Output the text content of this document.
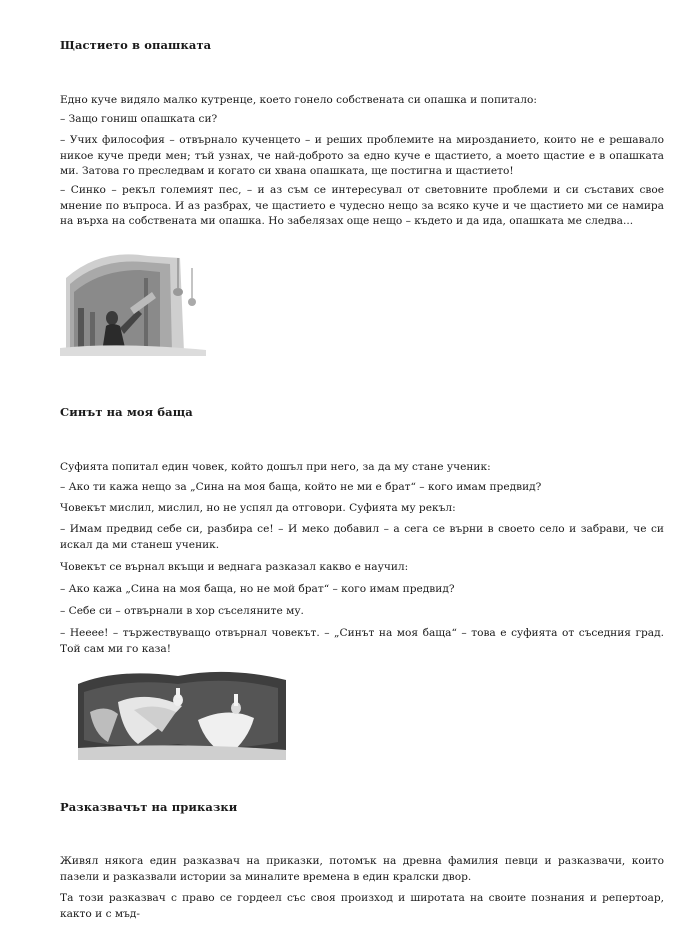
Щастието в опашката

Едно куче видяло малко кутренце, което гонело собствената си опашка и попитало:

– Защо гониш опашката си?

– Учих философия – отвърнало кученцето – и реших проблемите на мирозданието, които не е решавало никое куче преди мен; тъй узнах, че най-доброто за едно куче е щастието, а моето щастие е в опашката ми. Затова го преследвам и когато си хвана опашката, ще постигна и щастието!

– Синко – рекъл големият пес, – и аз съм се интересувал от световните проблеми и си съставих свое мнение по въпроса. И аз разбрах, че щастието е чудесно нещо за всяко куче и че щастието ми се намира на върха на собствената ми опашка. Но забелязах още нещо – където и да ида, опашката ме следва...

Синът на моя баща

Суфията попитал един човек, който дошъл при него, за да му стане ученик:

– Ако ти кажа нещо за „Сина на моя баща, който не ми е брат“ – кого имам предвид?

Човекът мислил, мислил, но не успял да отговори. Суфията му рекъл:

– Имам предвид себе си, разбира се! – И меко добавил – а сега се върни в своето село и забрави, че си искал да ми станеш ученик.

Човекът се върнал вкъщи и веднага разказал какво е научил:

– Ако кажа „Сина на моя баща, но не мой брат“ – кого имам предвид?

– Себе си – отвърнали в хор съселяните му.

– Нееее! – тържествуващо отвърнал човекът. – „Синът на моя баща“ – това е суфията от съседния град. Той сам ми го каза!

Разказвачът на приказки

Живял някога един разказвач на приказки, потомък на древна фамилия певци и разказвачи, които пазели и разказвали истории за миналите времена в един кралски двор.

Та този разказвач с право се гордеел със своя произход и широтата на своите познания и репертоар, както и с мъд-
